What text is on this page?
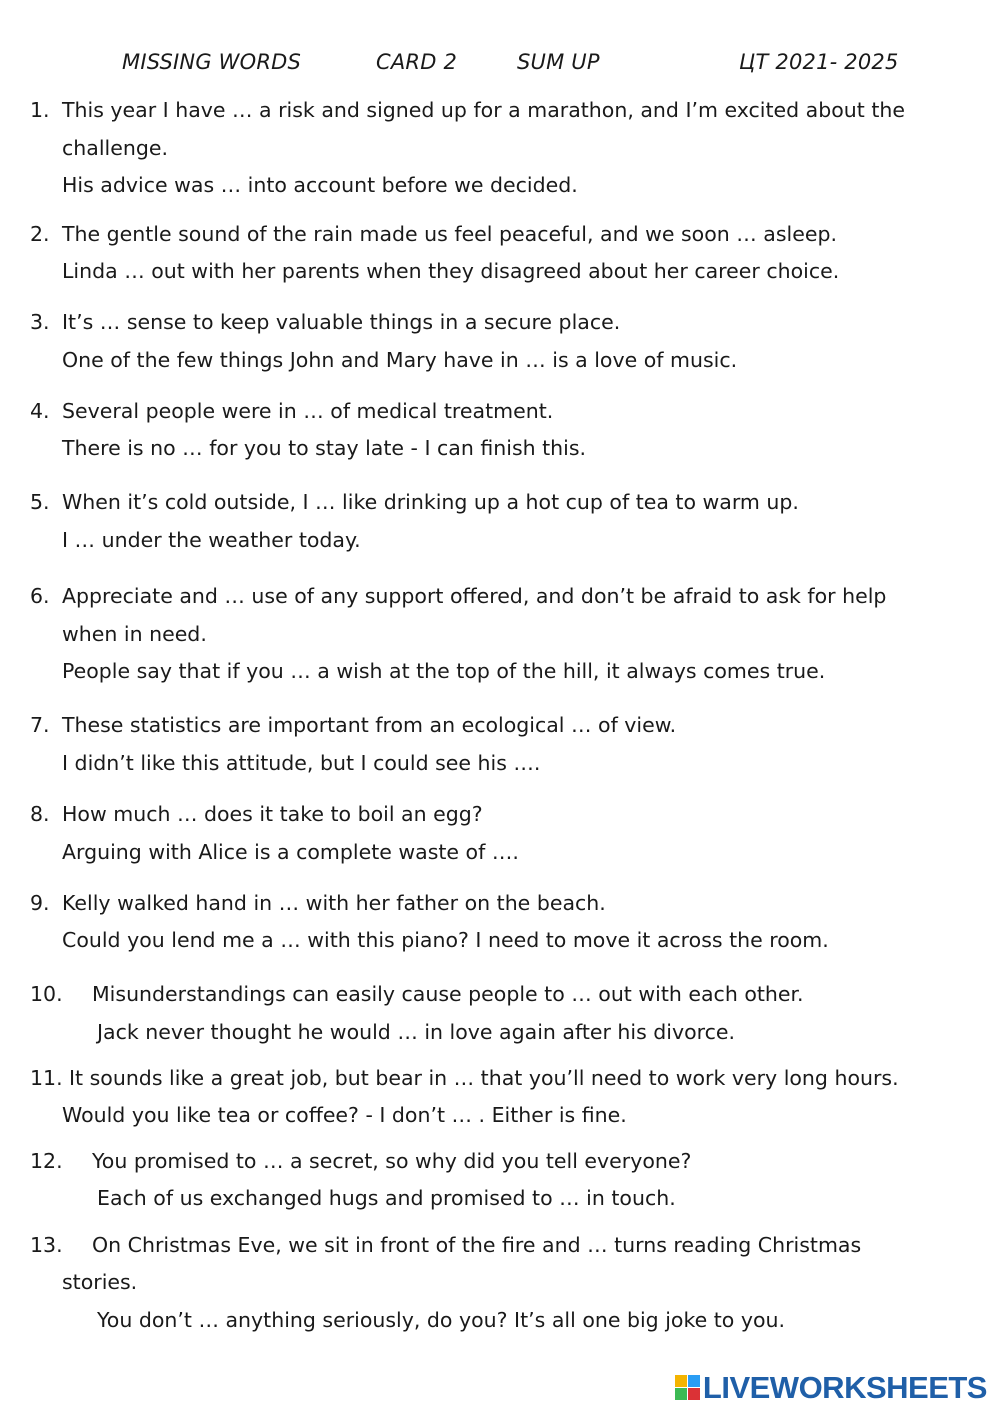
MISSING WORDS	CARD 2	SUM UP	ЦТ 2021- 2025
1. This year I have … a risk and signed up for a marathon, and I’m excited about the
challenge.
His advice was … into account before we decided.
2. The gentle sound of the rain made us feel peaceful, and we soon … asleep.
Linda … out with her parents when they disagreed about her career choice.
3. It’s … sense to keep valuable things in a secure place.
One of the few things John and Mary have in … is a love of music.
4. Several people were in … of medical treatment.
There is no … for you to stay late - I can finish this.
5. When it’s cold outside, I … like drinking up a hot cup of tea to warm up.
I … under the weather today.
6. Appreciate and … use of any support offered, and don’t be afraid to ask for help
when in need.
People say that if you … a wish at the top of the hill, it always comes true.
7. These statistics are important from an ecological … of view.
I didn’t like this attitude, but I could see his ….
8. How much … does it take to boil an egg?
Arguing with Alice is a complete waste of ….
9. Kelly walked hand in … with her father on the beach.
Could you lend me a … with this piano? I need to move it across the room.
10. Misunderstandings can easily cause people to … out with each other.
Jack never thought he would … in love again after his divorce.
11. It sounds like a great job, but bear in … that you’ll need to work very long hours.
Would you like tea or coffee? - I don’t … . Either is fine.
12. You promised to … a secret, so why did you tell everyone?
Each of us exchanged hugs and promised to … in touch.
13. On Christmas Eve, we sit in front of the fire and … turns reading Christmas
stories.
You don’t … anything seriously, do you? It’s all one big joke to you.
LIVEWORKSHEETS
